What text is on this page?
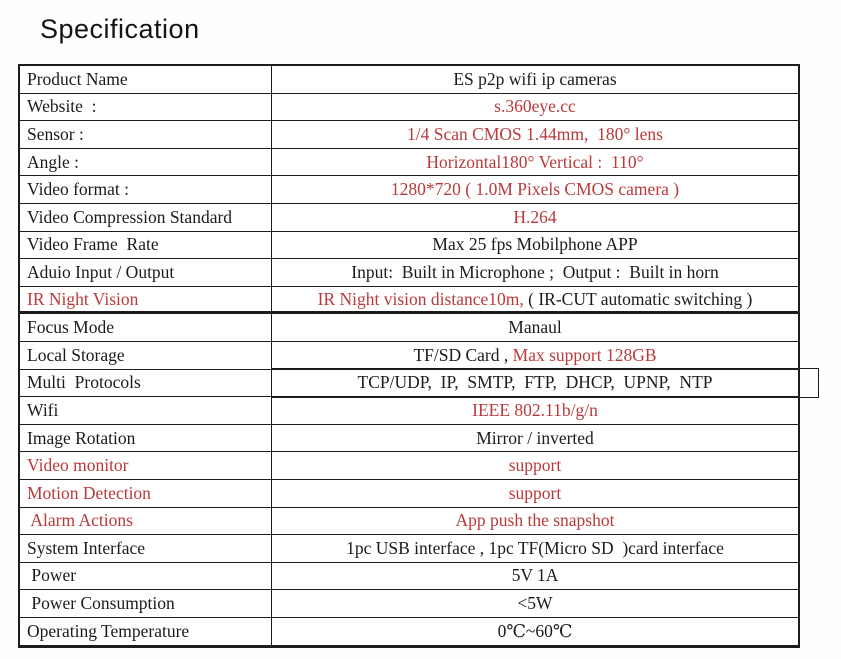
Specification
Product Name	ES p2p wifi ip cameras
Website  :	s.360eye.cc
Sensor :	1/4 Scan CMOS 1.44mm,  180° lens
Angle :	Horizontal180° Vertical :  110°
Video format :	1280*720 ( 1.0M Pixels CMOS camera )
Video Compression Standard	H.264
Video Frame  Rate	Max 25 fps Mobilphone APP
Aduio Input / Output	Input:  Built in Microphone ;  Output :  Built in horn
IR Night Vision	IR Night vision distance10m, ( IR-CUT automatic switching )
Focus Mode	Manaul
Local Storage	TF/SD Card , Max support 128GB
Multi  Protocols	TCP/UDP,  IP,  SMTP,  FTP,  DHCP,  UPNP,  NTP
Wifi	IEEE 802.11b/g/n
Image Rotation	Mirror / inverted
Video monitor	support
Motion Detection	support
Alarm Actions	App push the snapshot
System Interface	1pc USB interface , 1pc TF(Micro SD  )card interface
Power	5V 1A
Power Consumption	<5W
Operating Temperature	0℃~60℃
